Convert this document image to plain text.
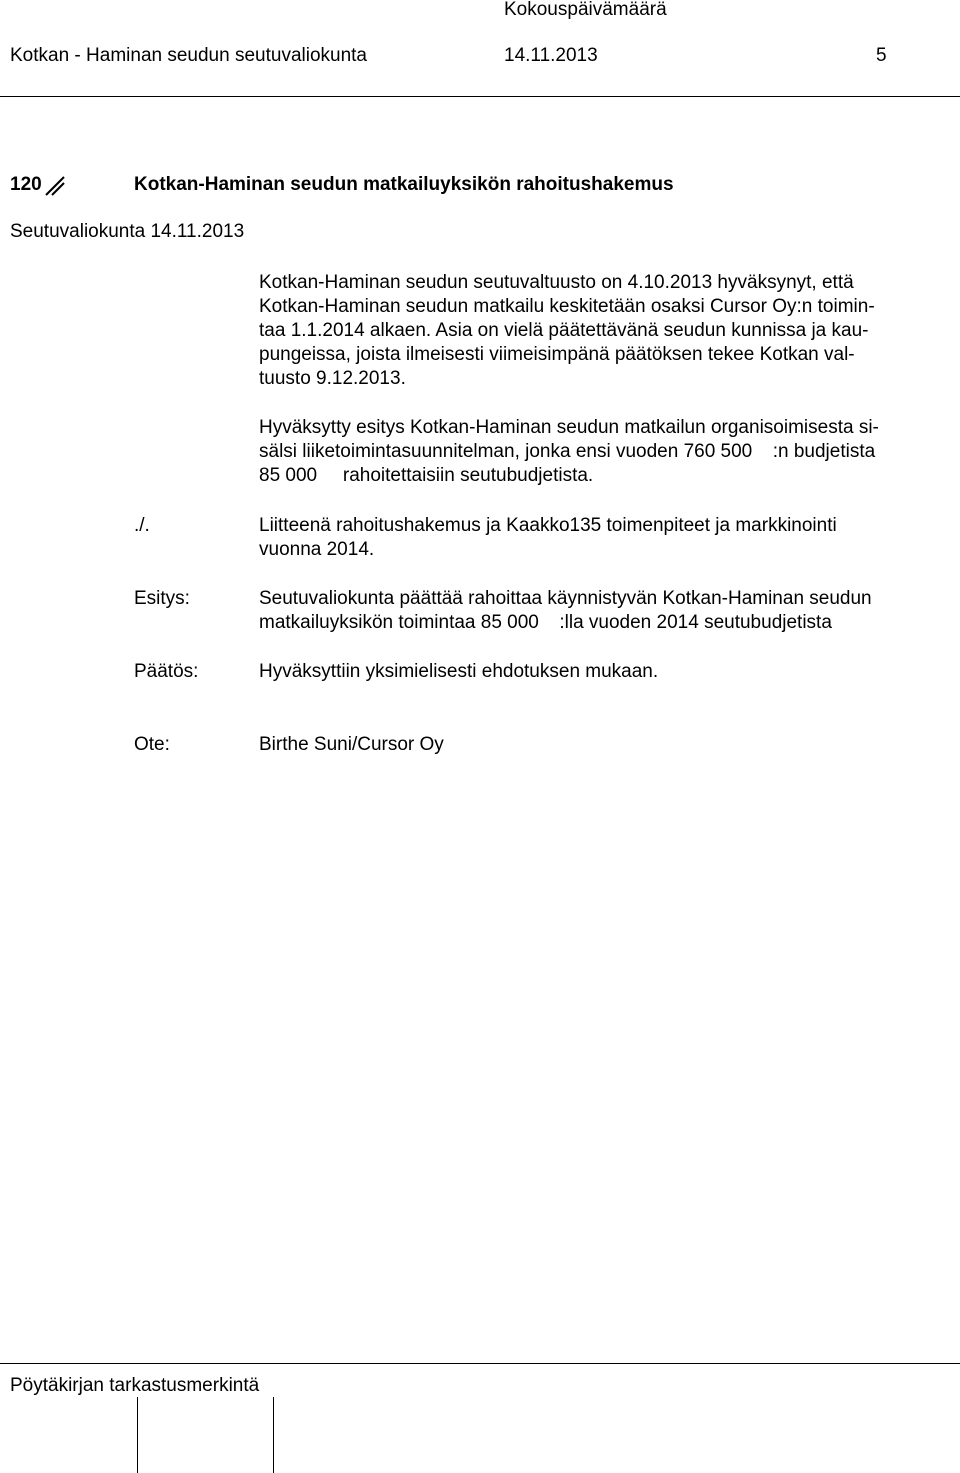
Kokouspäivämäärä
Kotkan - Haminan seudun seutuvaliokunta	14.11.2013	5
120	Kotkan-Haminan seudun matkailuyksikön rahoitushakemus
Seutuvaliokunta 14.11.2013
Kotkan-Haminan seudun seutuvaltuusto on 4.10.2013 hyväksynyt, että
Kotkan-Haminan seudun matkailu keskitetään osaksi Cursor Oy:n toimin-
taa 1.1.2014 alkaen. Asia on vielä päätettävänä seudun kunnissa ja kau-
pungeissa, joista ilmeisesti viimeisimpänä päätöksen tekee Kotkan val-
tuusto 9.12.2013.
Hyväksytty esitys Kotkan-Haminan seudun matkailun organisoimisesta si-
sälsi liiketoimintasuunnitelman, jonka ensi vuoden 760 500 :n budjetista
85 000  rahoitettaisiin seutubudjetista.
./.	Liitteenä rahoitushakemus ja Kaakko135 toimenpiteet ja markkinointi
vuonna 2014.
Esitys:	Seutuvaliokunta päättää rahoittaa käynnistyvän Kotkan-Haminan seudun
matkailuyksikön toimintaa 85 000 :lla vuoden 2014 seutubudjetista
Päätös:	Hyväksyttiin yksimielisesti ehdotuksen mukaan.
Ote:	Birthe Suni/Cursor Oy
Pöytäkirjan tarkastusmerkintä
